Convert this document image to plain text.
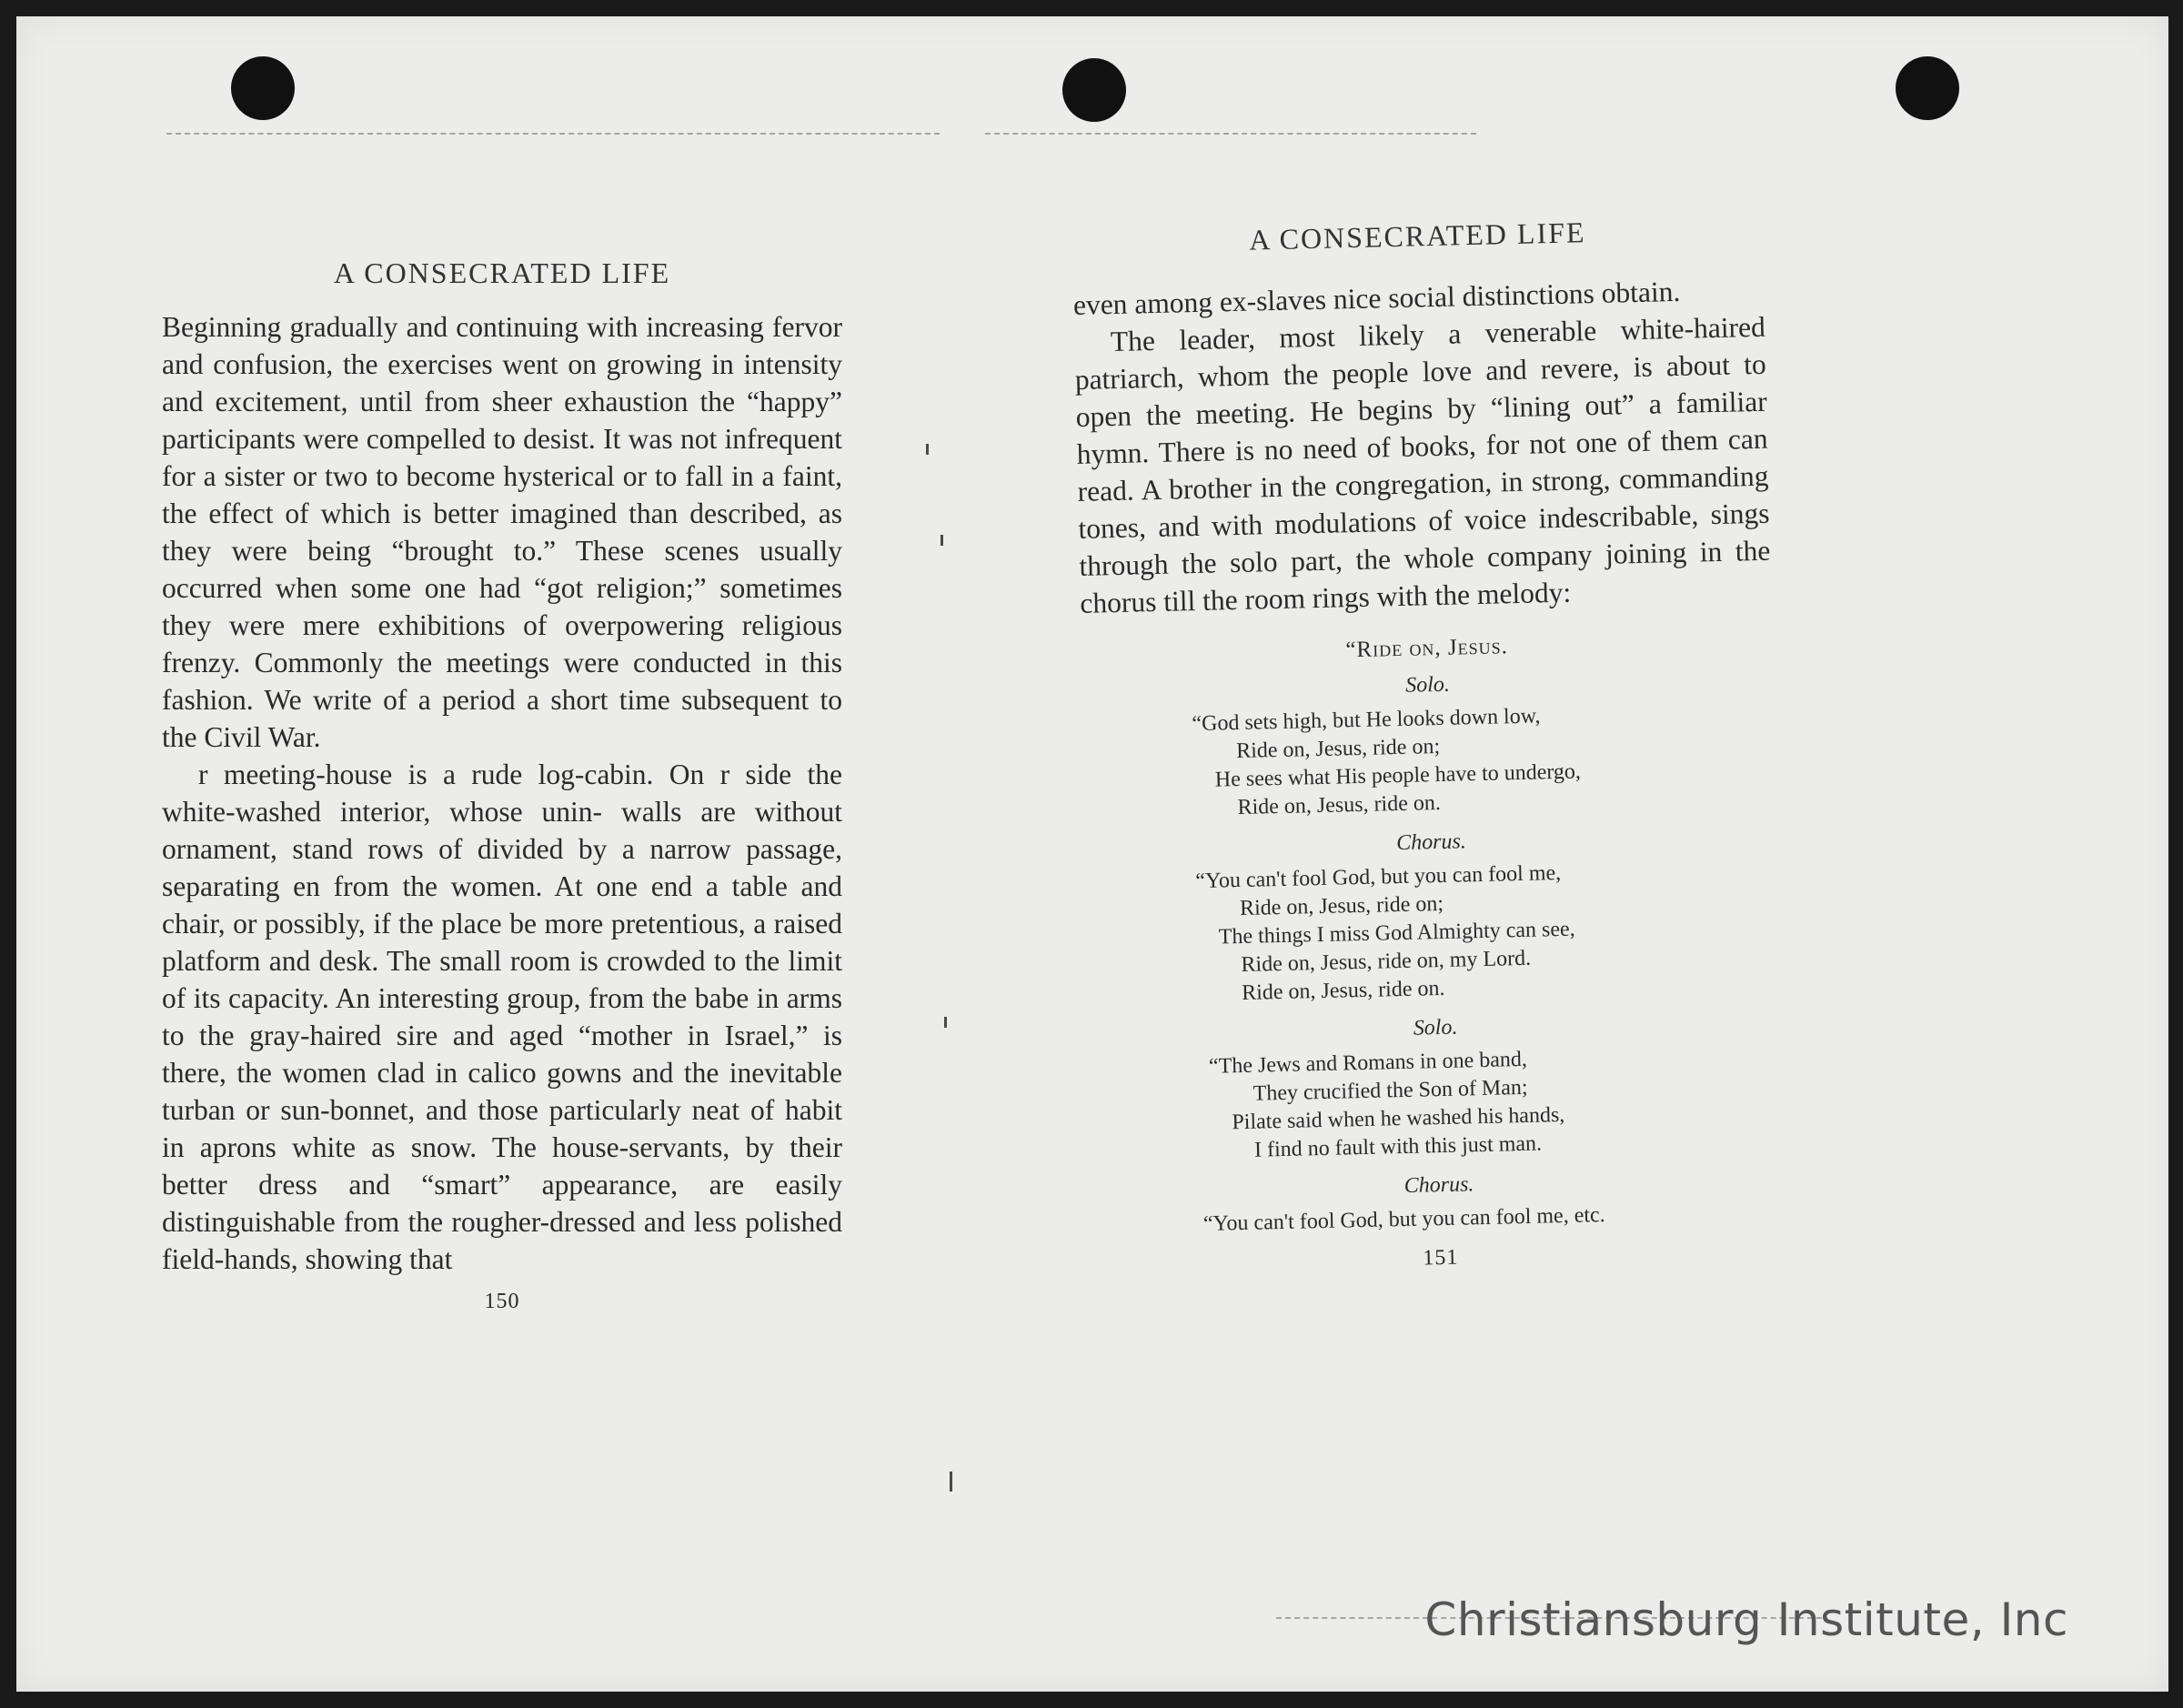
A CONSECRATED LIFE

Beginning gradually and continuing with increasing fervor and confusion, the exercises went on growing in intensity and excitement, until from sheer exhaustion the “happy” participants were compelled to desist. It was not infrequent for a sister or two to become hysterical or to fall in a faint, the effect of which is better imagined than described, as they were being “brought to.” These scenes usually occurred when some one had “got religion;” sometimes they were mere exhibitions of overpowering religious frenzy. Commonly the meetings were conducted in this fashion. We write of a period a short time subsequent to the Civil War.

r meeting-house is a rude log-cabin. On r side the white-washed interior, whose unin- walls are without ornament, stand rows of divided by a narrow passage, separating en from the women. At one end a table and chair, or possibly, if the place be more pretentious, a raised platform and desk. The small room is crowded to the limit of its capacity. An interesting group, from the babe in arms to the gray-haired sire and aged “mother in Israel,” is there, the women clad in calico gowns and the inevitable turban or sun-bonnet, and those particularly neat of habit in aprons white as snow. The house-servants, by their better dress and “smart” appearance, are easily distinguishable from the rougher-dressed and less polished field-hands, showing that

150
A CONSECRATED LIFE

even among ex-slaves nice social distinctions obtain.

The leader, most likely a venerable white-haired patriarch, whom the people love and revere, is about to open the meeting. He begins by “lining out” a familiar hymn. There is no need of books, for not one of them can read. A brother in the congregation, in strong, commanding tones, and with modulations of voice indescribable, sings through the solo part, the whole company joining in the chorus till the room rings with the melody:

“Ride on, Jesus.
Solo.
“God sets high, but He looks down low,
Ride on, Jesus, ride on;
He sees what His people have to undergo,
Ride on, Jesus, ride on.
Chorus.
“You can't fool God, but you can fool me,
Ride on, Jesus, ride on;
The things I miss God Almighty can see,
Ride on, Jesus, ride on, my Lord.
Ride on, Jesus, ride on.
Solo.
“The Jews and Romans in one band,
They crucified the Son of Man;
Pilate said when he washed his hands,
I find no fault with this just man.
Chorus.
“You can't fool God, but you can fool me, etc.
151
Christiansburg Institute, Inc
